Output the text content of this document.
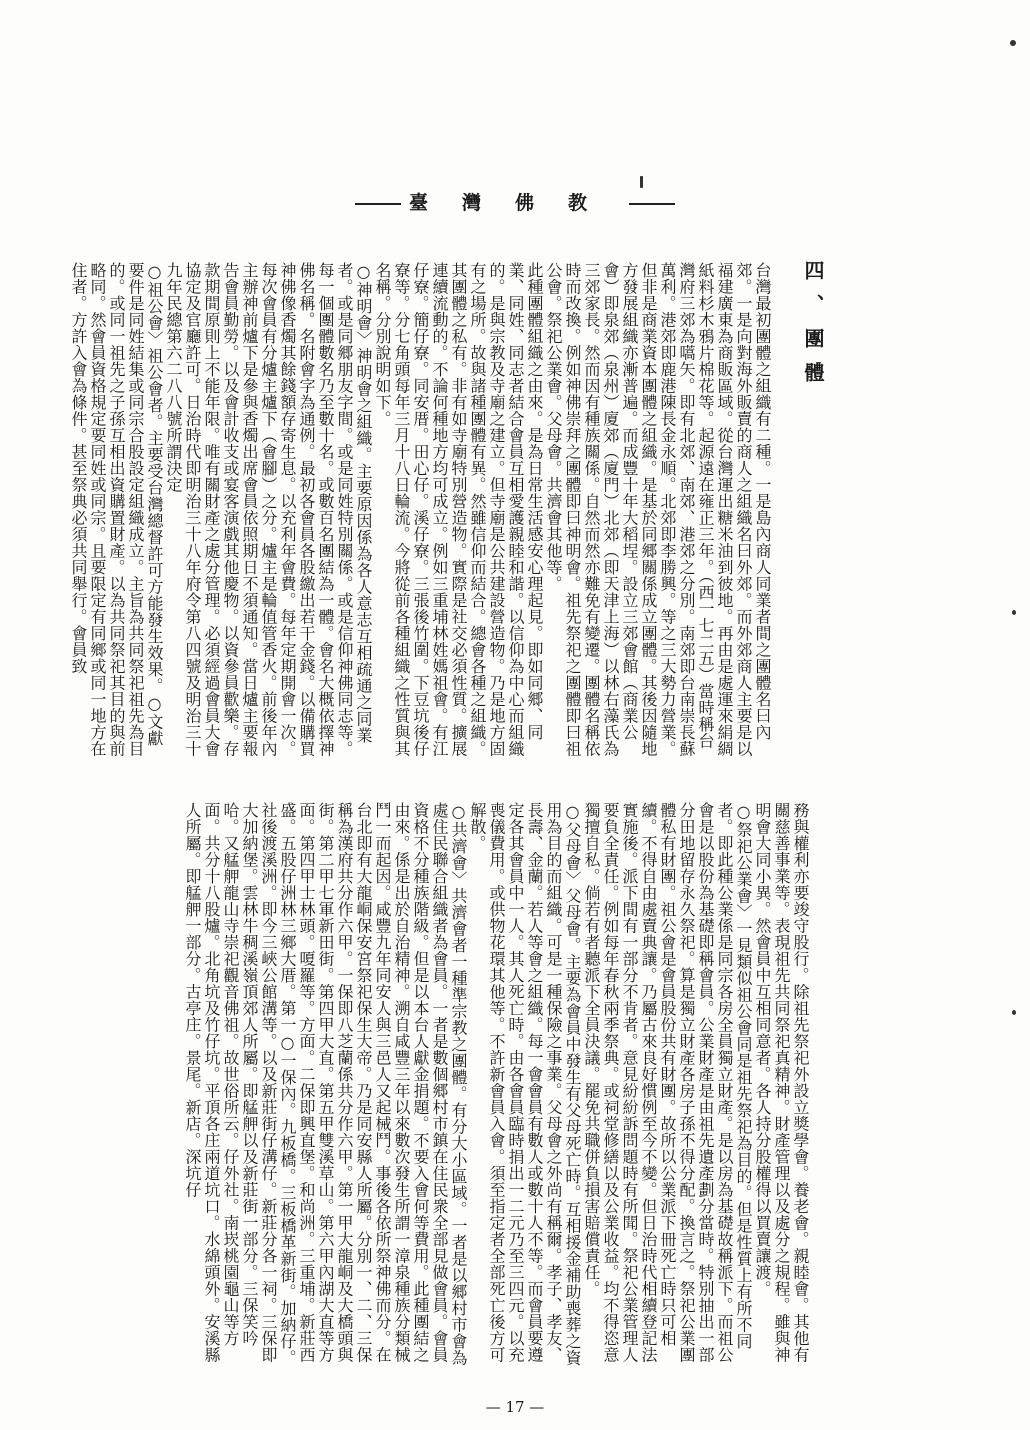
臺灣佛教
四、團體

台灣最初團體之組織有二種。一是島內商人同業者間之團體名曰內郊。一是向對海外販賣的商人之組織名曰外郊。而外郊商人主要是以福建廣東為商販區域。從台灣運出糖米油到彼地。再由是處運來絹綢紙料杉木鴉片棉花等。起源遠在雍正三年。（西一七二五）當時稱台灣府三郊為嚆矢。即有北郊、南郊、港郊之分別。南郊即台南崇長蘇萬利。港郊即鹿港陳長金永順。北郊即李勝興。等之三大勢力營業。但非是商業資本團體之組織。是基於同郷關係成立團體。其後因隨地方發展組織亦漸普遍。而成豐十年大稻埕。設立三郊會館（商業公會）即泉郊（泉州）廈郊（廈門）北郊（即天津上海）以林右藻氏為三郊家長。然而因有種族關係。自然而然亦難免有變遷。團體名稱依時而改換。例如神佛崇拜之團體即曰神明會。祖先祭祀之團體即曰祖公會。祭祀公業會。父母會。共濟會其他等。

此種團體組織之由來。是為日常生活感安心理起見。即如同郷、同業、同姓、同志者結合會員互相愛護親睦和諧。以信仰為中心而組織的。是與宗教及寺廟之建立。但寺廟是公共建設營造物。乃是地方固有之場所。故與諸種團體有異。然雖信仰而結合。總會各種之組織。其團體之私有。非有如寺廟特別營造物。實際是社交必須性質。擴展連續流動的。不論何種地方均可成立。例如三重埔林姓媽祖會。有江仔寮。簡仔寮。同安厝。田心仔。溪仔寮。三張後竹圍。下豆坑後仔寮等。分七角頭每年三月十八日輪流。今將從前各種組織之性質與其名稱。分別說明如下。

○神明會〉神明會之組織。主要原因係為各人意志互相疏通之同業者。或是同郷朋友字間。或是同姓特別關係。或是信仰神佛同志等。每一個團體數名乃至數十名。或數百名團結為一體。會名大概依擇神佛名稱。名附會字為通例。最初各會員各股繳出若干金錢。以備購買神佛像香燭其餘錢額存寄生息。以充利年會費。每年定期開會一次。每次會員有分爐主爐下（會腳）之分。爐主是輪值管香火。前後年內主辦神前爐下是參與香燭出席會員依照期日不須通知。當日爐主要報告會員勤勞。以及會計收支或宴客演戲其他慶物。以資參員歡樂。存款期間原則上不能年限。唯有關財產之處分管理。必須經過會員大會協定及官廳許可。日治時代即明治三十八年府令第八四號及明治三十九年民總第六二八八號所謂決定

○祖公會〉祖公會者。主要受台灣總督許可方能發生效果。○文獻要件是同姓結集或同宗合股設定組織成立。主旨為共同祭祀祖先為目的。或同一祖先之子孫互相出資購置財產。以為共同祭祀其目的與前略同。然會員資格規定要同姓或同宗。且要限定有同鄉或同一地方在住者。方許入會為條件。甚至祭典必須共同舉行。會員致

務與權利亦要竣守股行。除祖先祭祀外設立獎學會。養老會。親睦會。其他有關慈善事業等。表現祖先共同祭祀真精神。財產管理以及處分之規程。雖與神明會大同小異。然會員中互相同意者。各人持分股權得以買賣讓渡。

○祭祀公業會〉一見類似祖公會同是祖先祭祀為目的。但是性質上有所不同者。即此種公業係是同宗各房全員獨立財產。是以房為基礎故稱派下。而祖公會是以股份為基礎即稱會員。公業財產是由祖先遺產劃分當時。特別抽出一部分田地留存永久祭祀。算是獨立財產各房子孫不得分配。換言之。祭祀公業團體私有財團。祖公會是會員股份共有財團。故所以公業派下冊死亡時只可相續。不得自由處賣典讓。乃屬古來良好慣例至今不變。但日治時代相續登記法實施後。派下間有一部分不肯者。意見紛紛訴問題時有所聞。祭祀公業管理人要負全責任。例如每年春秋兩季祭典。或祠堂修繕以及公業收益。均不得恣意獨擅自私。倘若有者聽派下全員決議。罷免共職併負損害賠償責任。

○父母會〉父母會。主要為會員中發生有父母死亡時。互相援金補助喪葬之資用為目的而組織。可是一種保險之事業。父母會之外尚有稱爾。孝子、孝友、長壽、金蘭。若人等會之組織。每一會會員有數人或數十人不等。而會員要遵定各其會員中一人。其人死亡時。由各會員臨時捐出一二元乃至三四元。以充喪儀費用。或供物花環其他等。不許新會員入會。須至指定者全部死亡後方可解散。

○共濟會〉共濟會者一種準宗教之團體。有分大小區域。一者是以郷村市會為處住民聯合組織者為會員。一者是數個郷村市鎮在住民衆全部見做會員。會員資格不分種族階級。但是以本台人獻金捐題。不要入會何等費用。此種團結之由來。係是出於自治精神。溯自咸豐三年以來數次發生所謂一漳泉種族分類械鬥一而起因。咸豐九年同安人與三邑人又起械鬥。事後各依所祭神佛而分。在台北即有大龍峒保安宮祭祀保生大帝。乃是同安縣人所屬。分別一、二、三保稱為漢府共分作六甲。一保即八芝蘭係共分作六甲。第一甲大龍峒及大橋頭與街。第二甲七軍新田街。第四甲大直。第五甲雙溪草山。第六甲內湖大直等方面。第四甲士林頭。嗄羅等。方面。二保即興直堡。和尚洲。三重埔。新莊西盛。五股仔洲林三鄉大厝。第一○一保內。九板橋。三板橋革新街。加納仔。社後渡溪洲。即今三峽公館溝等。以及新莊街仔溝仔。新莊分各一祠。三保即大加納堡。雲林牛稠溪嶺頂郊人所屬。即艋舺以及新莊街一部分。三保笑吟哈。又艋舺龍山寺崇祀觀音佛祖。故世俗所云。仔外社。南崁桃園龜山等方面。共分十八股爐。北角坑及竹仔坑。平頂各庄兩道坑口。水綿頭外。安溪縣人所屬。即艋舺一部分。古亭庄。景尾。新店。深坑仔

— 17 —
